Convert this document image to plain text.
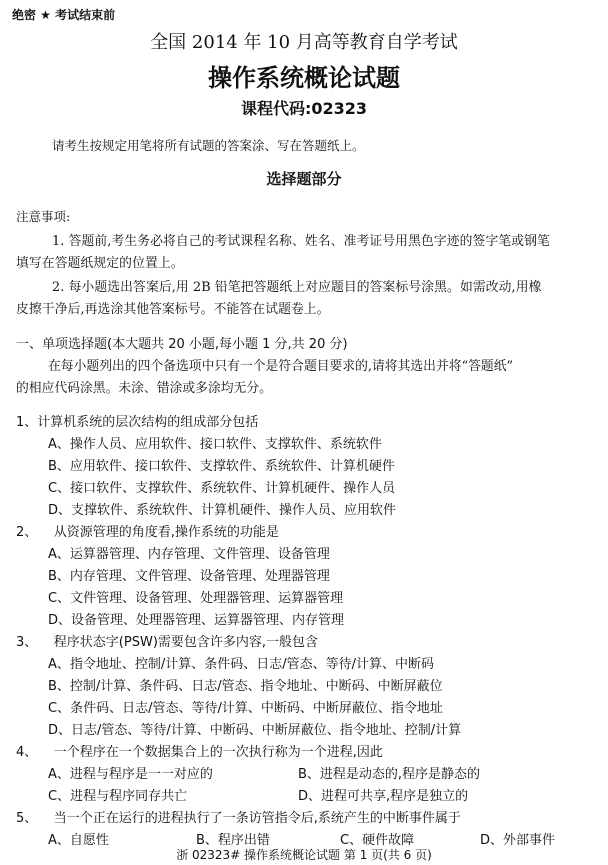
绝密 ★ 考试结束前
全国 2014 年 10 月高等教育自学考试
操作系统概论试题
课程代码:02323
请考生按规定用笔将所有试题的答案涂、写在答题纸上。
选择题部分
注意事项:
1. 答题前,考生务必将自己的考试课程名称、姓名、准考证号用黑色字迹的签字笔或钢笔
填写在答题纸规定的位置上。
2. 每小题选出答案后,用 2B 铅笔把答题纸上对应题目的答案标号涂黑。如需改动,用橡
皮擦干净后,再选涂其他答案标号。不能答在试题卷上。
一、单项选择题(本大题共 20 小题,每小题 1 分,共 20 分)
在每小题列出的四个备选项中只有一个是符合题目要求的,请将其选出并将“答题纸”
的相应代码涂黑。未涂、错涂或多涂均无分。
1、计算机系统的层次结构的组成部分包括
A、操作人员、应用软件、接口软件、支撑软件、系统软件
B、应用软件、接口软件、支撑软件、系统软件、计算机硬件
C、接口软件、支撑软件、系统软件、计算机硬件、操作人员
D、支撑软件、系统软件、计算机硬件、操作人员、应用软件
2、    从资源管理的角度看,操作系统的功能是
A、运算器管理、内存管理、文件管理、设备管理
B、内存管理、文件管理、设备管理、处理器管理
C、文件管理、设备管理、处理器管理、运算器管理
D、设备管理、处理器管理、运算器管理、内存管理
3、    程序状态字(PSW)需要包含许多内容,一般包含
A、指令地址、控制/计算、条件码、日志/管态、等待/计算、中断码
B、控制/计算、条件码、日志/管态、指令地址、中断码、中断屏蔽位
C、条件码、日志/管态、等待/计算、中断码、中断屏蔽位、指令地址
D、日志/管态、等待/计算、中断码、中断屏蔽位、指令地址、控制/计算
4、    一个程序在一个数据集合上的一次执行称为一个进程,因此
A、进程与程序是一一对应的	B、进程是动态的,程序是静态的
C、进程与程序同存共亡	D、进程可共享,程序是独立的
5、    当一个正在运行的进程执行了一条访管指令后,系统产生的中断事件属于
A、自愿性	B、程序出错	C、硬件故障	D、外部事件
浙 02323# 操作系统概论试题 第 1 页(共 6 页)
